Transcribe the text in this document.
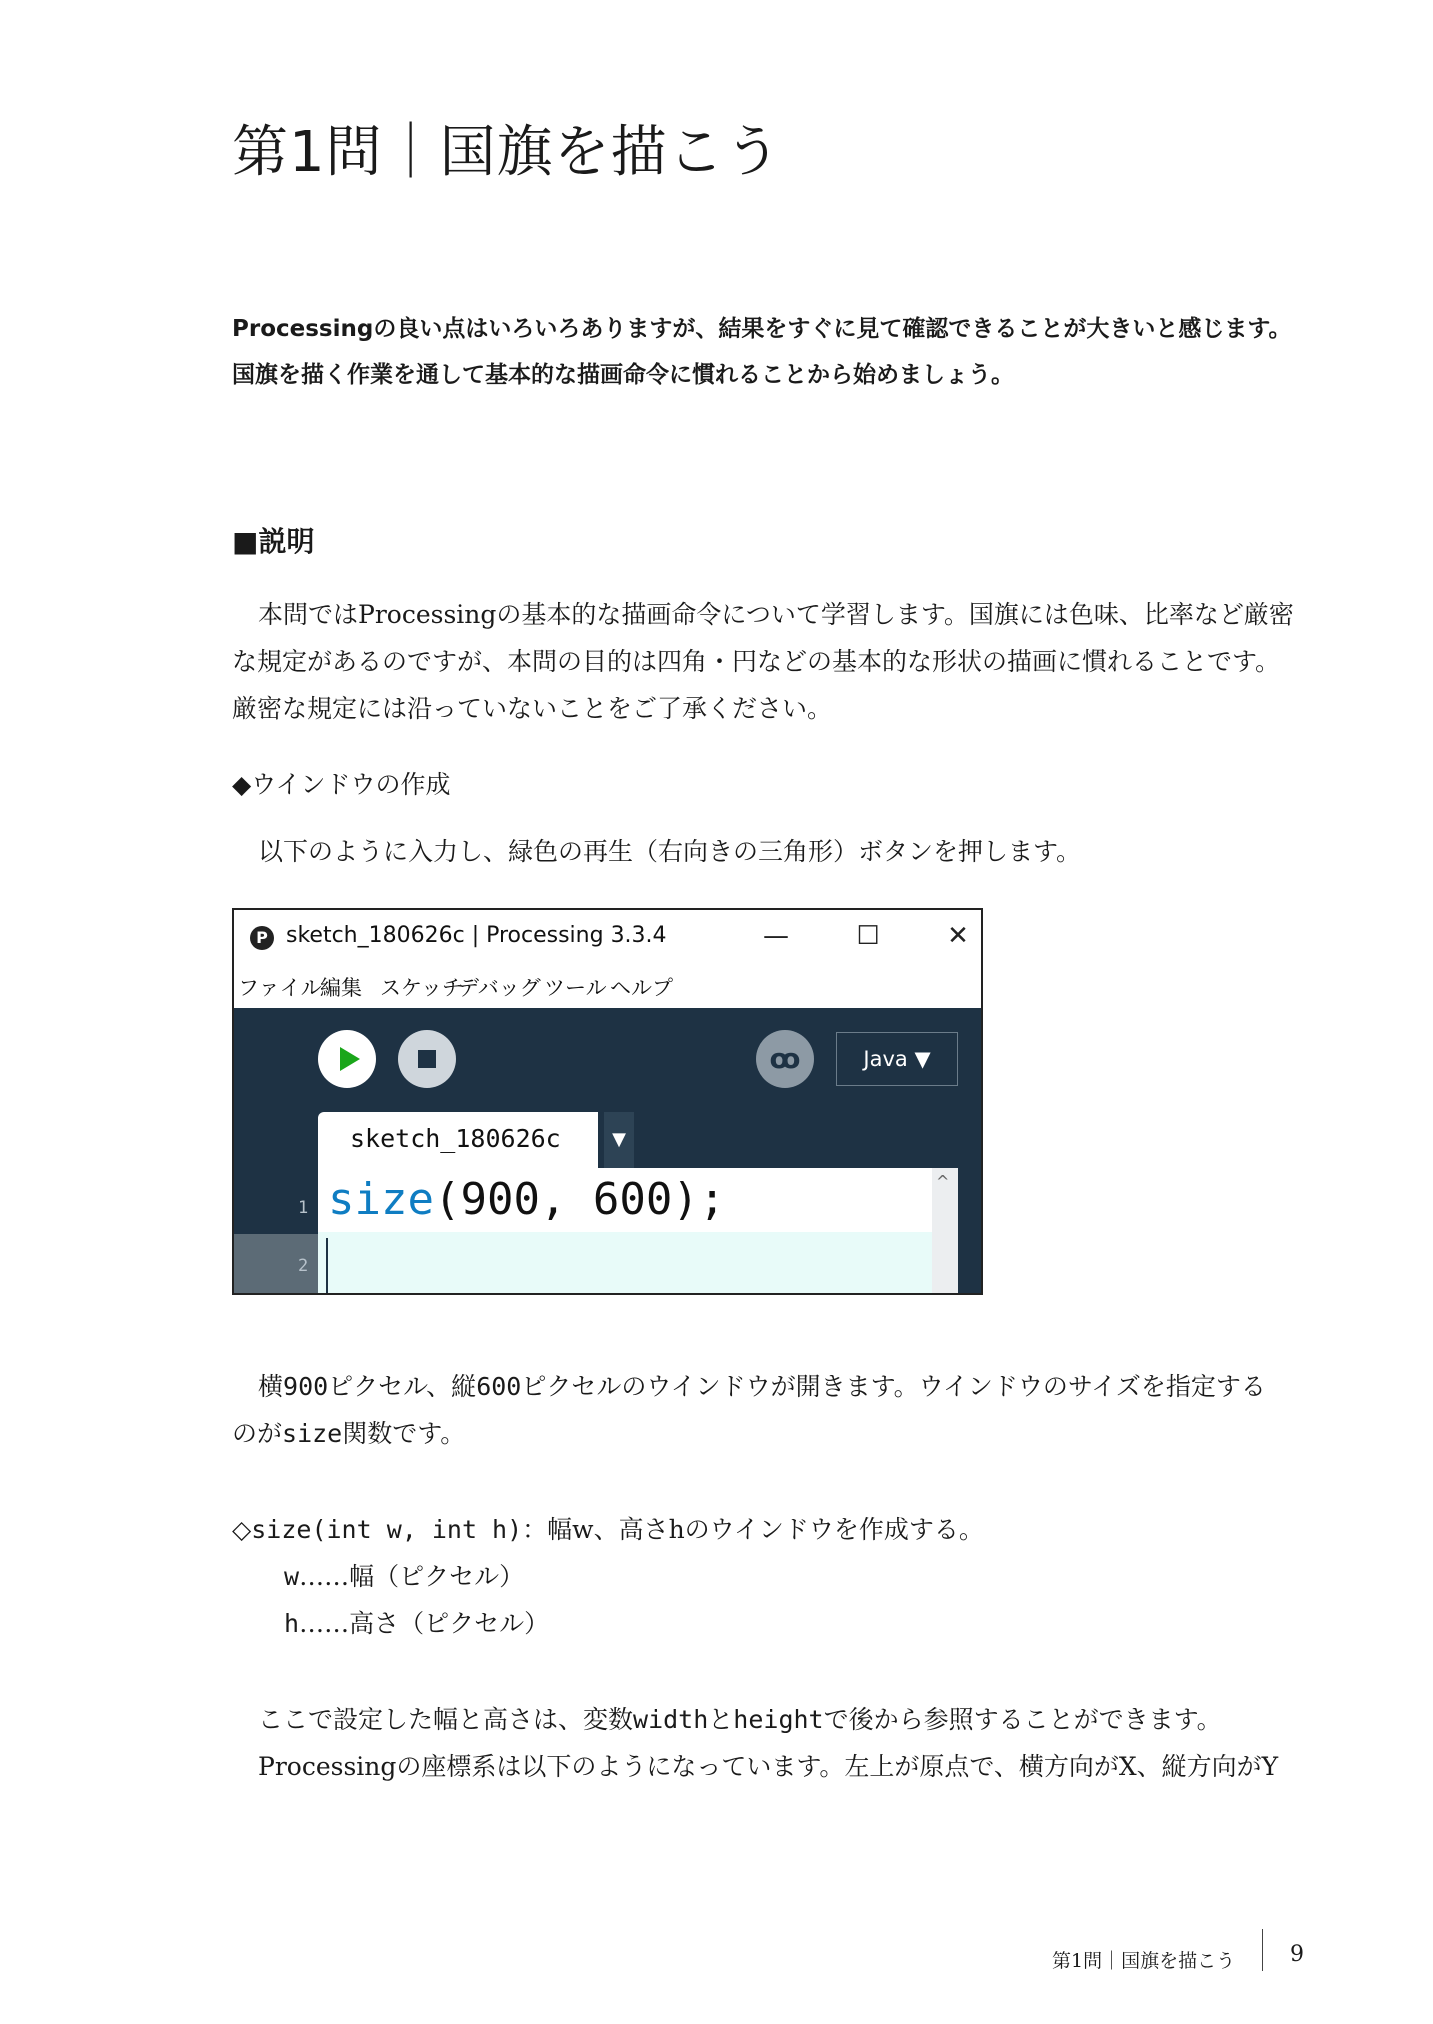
第1問｜国旗を描こう
Processingの良い点はいろいろありますが、結果をすぐに見て確認できることが大きいと感じます。
国旗を描く作業を通して基本的な描画命令に慣れることから始めましょう。
■説明
本問ではProcessingの基本的な描画命令について学習します。国旗には色味、比率など厳密
な規定があるのですが、本問の目的は四角・円などの基本的な形状の描画に慣れることです。
厳密な規定には沿っていないことをご了承ください。
◆ウインドウの作成
以下のように入力し、緑色の再生（右向きの三角形）ボタンを押します。
P sketch_180626c | Processing 3.3.4	—	☐	✕
ファイル
編集 スケッチ
デバッグ ツール ヘルプ
ꝏ	Java ▼
sketch_180626c	▼
1
2
size(900, 600);	^
横900ピクセル、縦600ピクセルのウインドウが開きます。ウインドウのサイズを指定する
のがsize関数です。
◇size(int w, int h)：幅w、高さhのウインドウを作成する。
w……幅（ピクセル）
h……高さ（ピクセル）
ここで設定した幅と高さは、変数widthとheightで後から参照することができます。
Processingの座標系は以下のようになっています。左上が原点で、横方向がX、縦方向がY
第1問｜国旗を描こう 9
